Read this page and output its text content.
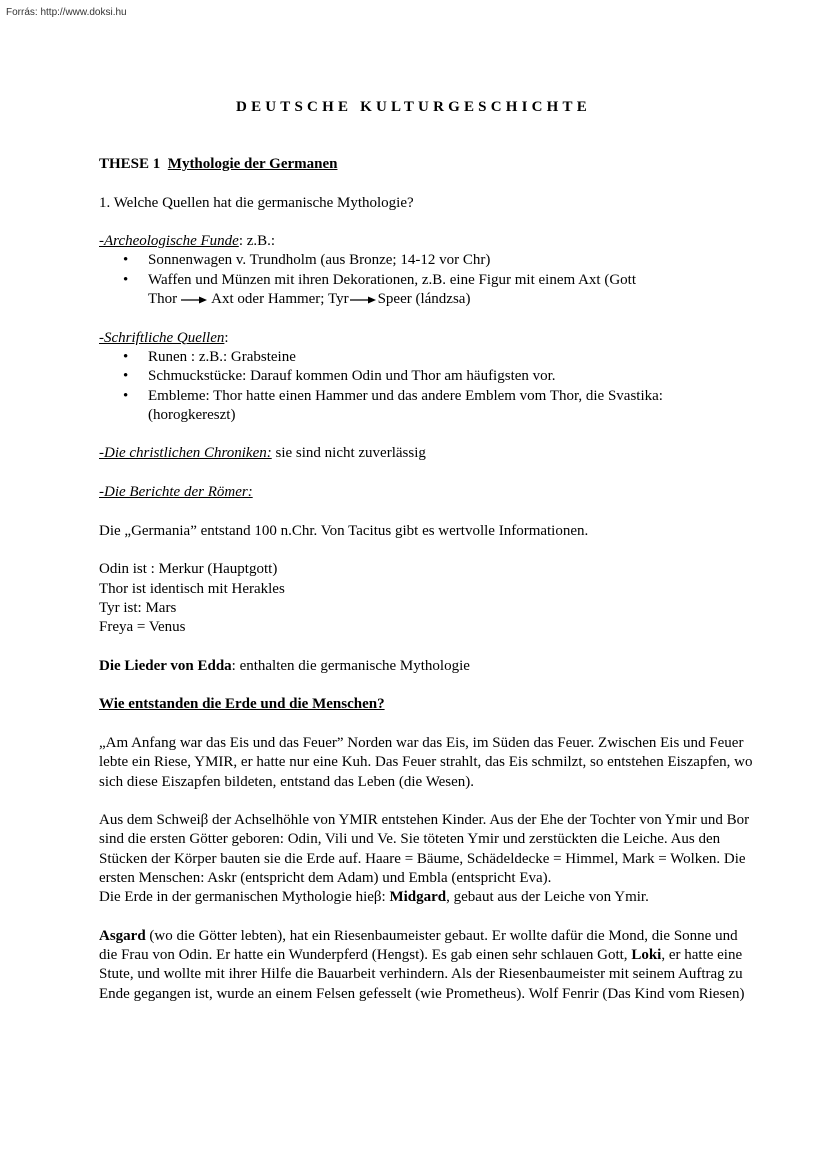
Forrás: http://www.doksi.hu
DEUTSCHE KULTURGESCHICHTE

THESE 1 Mythologie der Germanen

1. Welche Quellen hat die germanische Mythologie?

-Archeologische Funde: z.B.:

• Sonnenwagen v. Trundholm (aus Bronze; 14-12 vor Chr)
• Waffen und Münzen mit ihren Dekorationen, z.B. eine Figur mit einem Axt (Gott
Thor Axt oder Hammer; Tyr Speer (lándzsa)

-Schriftliche Quellen:

• Runen : z.B.: Grabsteine
• Schmuckstücke: Darauf kommen Odin und Thor am häufigsten vor.
• Embleme: Thor hatte einen Hammer und das andere Emblem vom Thor, die Svastika: (horogkereszt)

-Die christlichen Chroniken: sie sind nicht zuverlässig

-Die Berichte der Römer:

Die „Germania” entstand 100 n.Chr. Von Tacitus gibt es wertvolle Informationen.

Odin ist : Merkur (Hauptgott)

Thor ist identisch mit Herakles

Tyr ist: Mars

Freya = Venus

Die Lieder von Edda: enthalten die germanische Mythologie

Wie entstanden die Erde und die Menschen?

„Am Anfang war das Eis und das Feuer” Norden war das Eis, im Süden das Feuer. Zwischen Eis und Feuer lebte ein Riese, YMIR, er hatte nur eine Kuh. Das Feuer strahlt, das Eis schmilzt, so entstehen Eiszapfen, wo sich diese Eiszapfen bildeten, entstand das Leben (die Wesen).

Aus dem Schweiβ der Achselhöhle von YMIR entstehen Kinder. Aus der Ehe der Tochter von Ymir und Bor sind die ersten Götter geboren: Odin, Vili und Ve. Sie töteten Ymir und zerstückten die Leiche. Aus den Stücken der Körper bauten sie die Erde auf. Haare = Bäume, Schädeldecke = Himmel, Mark = Wolken. Die ersten Menschen: Askr (entspricht dem Adam) und Embla (entspricht Eva).

Die Erde in der germanischen Mythologie hieβ: Midgard, gebaut aus der Leiche von Ymir.

Asgard (wo die Götter lebten), hat ein Riesenbaumeister gebaut. Er wollte dafür die Mond, die Sonne und die Frau von Odin. Er hatte ein Wunderpferd (Hengst). Es gab einen sehr schlauen Gott, Loki, er hatte eine Stute, und wollte mit ihrer Hilfe die Bauarbeit verhindern. Als der Riesenbaumeister mit seinem Auftrag zu Ende gegangen ist, wurde an einem Felsen gefesselt (wie Prometheus). Wolf Fenrir (Das Kind vom Riesen)
